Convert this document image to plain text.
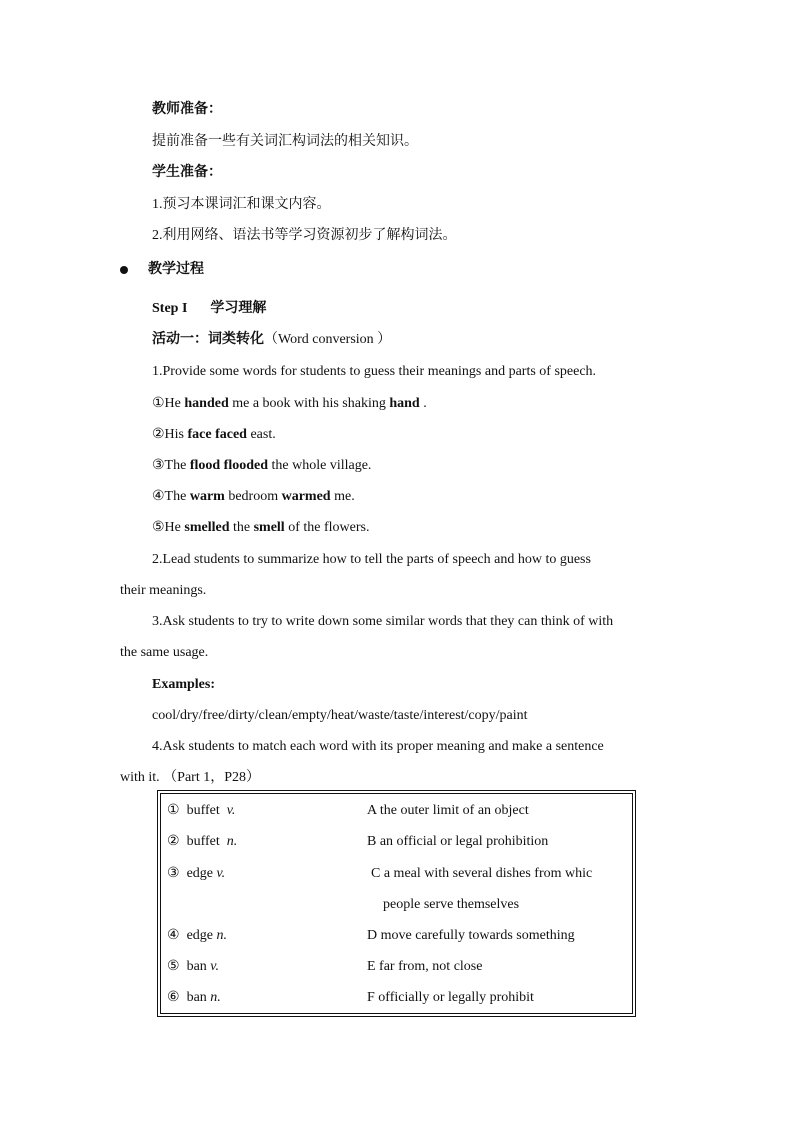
教师准备：
提前准备一些有关词汇构词法的相关知识。
学生准备：
1.预习本课词汇和课文内容。
2.利用网络、语法书等学习资源初步了解构词法。
教学过程
Step I 学习理解
活动一：词类转化（Word conversion ）
1.Provide some words for students to guess their meanings and parts of speech.
①He handed me a book with his shaking hand .
②His face faced east.
③The flood flooded the whole village.
④The warm bedroom warmed me.
⑤He smelled the smell of the flowers.
2.Lead students to summarize how to tell the parts of speech and how to guess
their meanings.
3.Ask students to try to write down some similar words that they can think of with
the same usage.
Examples:
cool/dry/free/dirty/clean/empty/heat/waste/taste/interest/copy/paint
4.Ask students to match each word with its proper meaning and make a sentence
with it. （Part 1，P28）
① buffet v.	A the outer limit of an object
② buffet n.	B an official or legal prohibition
③ edge v.	C a meal with several dishes from whic
people serve themselves
④ edge n.	D move carefully towards something
⑤ ban v.	E far from, not close
⑥ ban n.	F officially or legally prohibit
